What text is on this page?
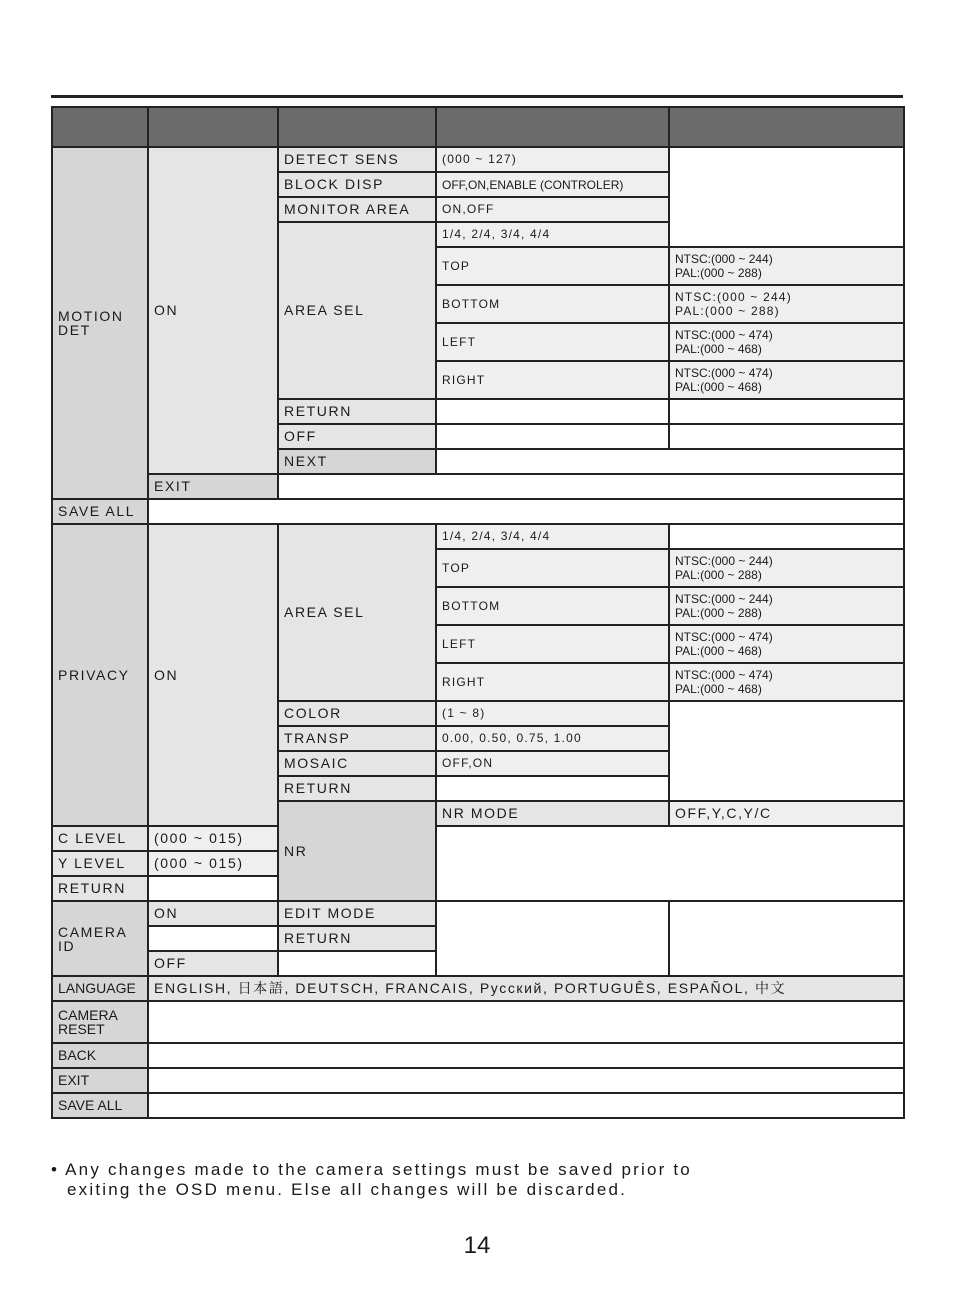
MOTION
DET	ON	DETECT SENS	(000 ~ 127)		
		BLOCK DISP	OFF,ON,ENABLE (CONTROLER)		
		MONITOR AREA	ON,OFF		
		AREA SEL	1/4, 2/4, 3/4, 4/4		
			TOP	NTSC:(000 ~ 244)
PAL:(000 ~ 288)	
			BOTTOM	NTSC:(000 ~ 244)
PAL:(000 ~ 288)	
			LEFT	NTSC:(000 ~ 474)
PAL:(000 ~ 468)	
			RIGHT	NTSC:(000 ~ 474)
PAL:(000 ~ 468)	
		RETURN			
		OFF			
		NEXT			
	EXIT				
SAVE ALL					
PRIVACY	ON	AREA SEL	1/4, 2/4, 3/4, 4/4		
			TOP	NTSC:(000 ~ 244)
PAL:(000 ~ 288)	
			BOTTOM	NTSC:(000 ~ 244)
PAL:(000 ~ 288)	
			LEFT	NTSC:(000 ~ 474)
PAL:(000 ~ 468)	
			RIGHT	NTSC:(000 ~ 474)
PAL:(000 ~ 468)	
		COLOR	(1 ~ 8)		
		TRANSP	0.00, 0.50, 0.75, 1.00		
		MOSAIC	OFF,ON		
		RETURN			
		NR	NR MODE	OFF,Y,C,Y/C		
C LEVEL	(000 ~ 015)				
Y LEVEL	(000 ~ 015)				
RETURN					
CAMERA
ID	ON	EDIT MODE			
		RETURN			
	OFF				
LANGUAGE	ENGLISH, 日本語, DEUTSCH, FRANCAIS, Русский, PORTUGUÊS, ESPAÑOL, 中文				
CAMERA
RESET					
BACK					
EXIT					
SAVE ALL					
• Any changes made to the camera settings must be saved prior to
exiting the OSD menu. Else all changes will be discarded.
14
